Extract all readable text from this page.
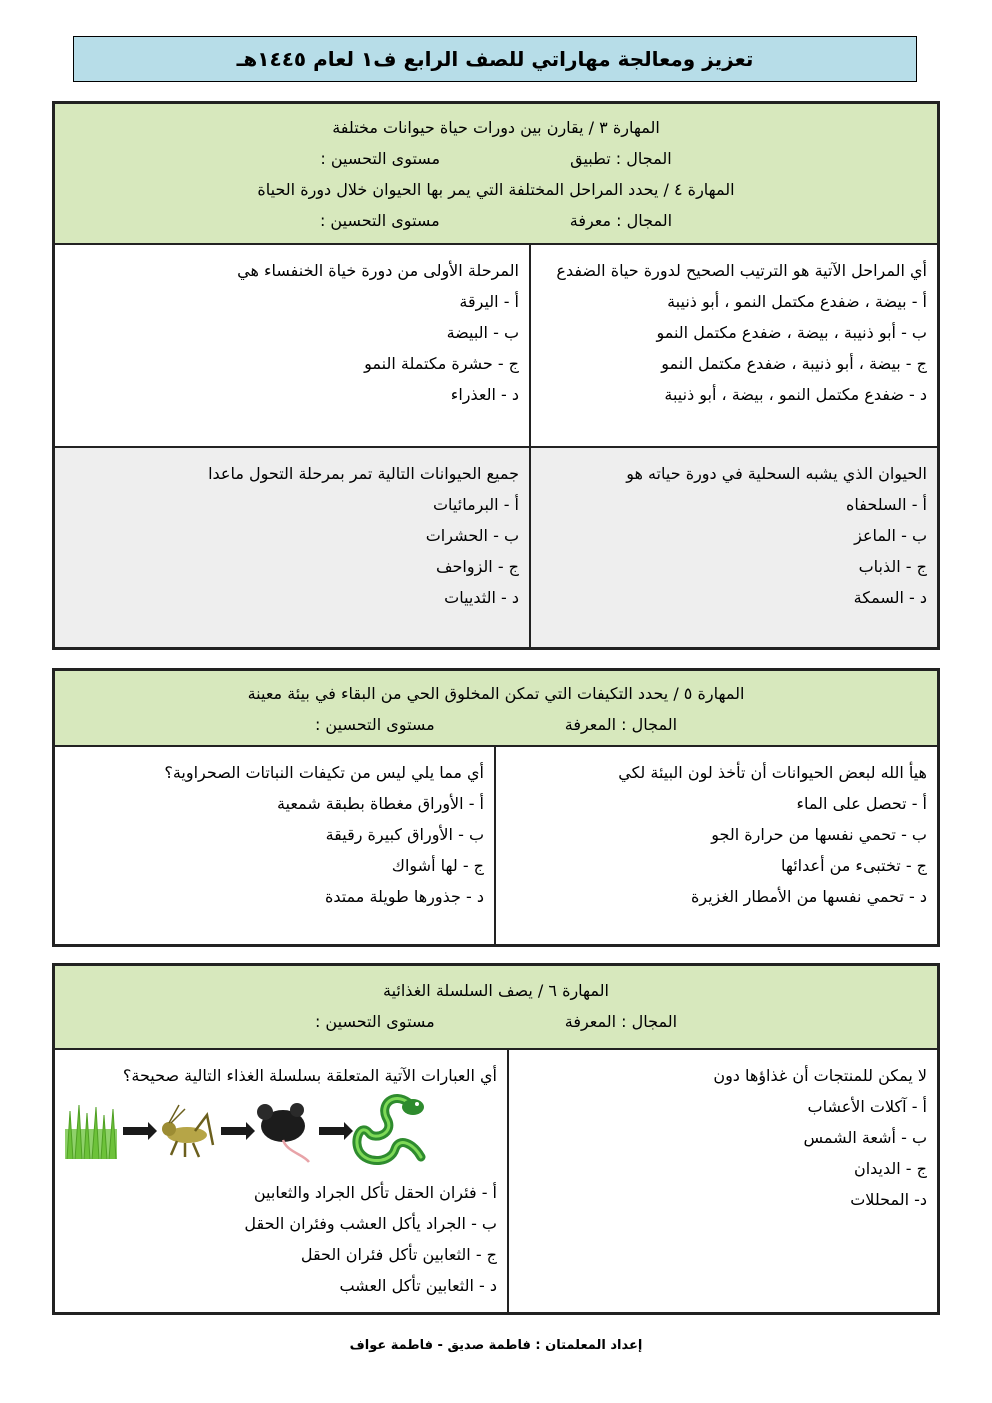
تعزيز ومعالجة مهاراتي للصف الرابع ف١ لعام ١٤٤٥هـ
المهارة ٣ / يقارن بين دورات حياة حيوانات مختلفة
المجال : تطبيق
مستوى التحسين :
المهارة ٤ / يحدد المراحل المختلفة التي يمر بها الحيوان خلال دورة الحياة
المجال : معرفة
مستوى التحسين :
أي المراحل الآتية هو الترتيب الصحيح لدورة حياة الضفدع
أ - بيضة ، ضفدع مكتمل النمو ، أبو ذنيبة
ب - أبو ذنيبة ، بيضة ، ضفدع مكتمل النمو
ج - بيضة ، أبو ذنيبة ، ضفدع مكتمل النمو
د - ضفدع مكتمل النمو ، بيضة ، أبو ذنيبة
المرحلة الأولى من دورة خياة الخنفساء هي
أ - اليرقة
ب - البيضة
ج - حشرة مكتملة النمو
د - العذراء
الحيوان الذي يشبه السحلية في دورة حياته هو
أ - السلحفاه
ب - الماعز
ج - الذباب
د - السمكة
جميع الحيوانات التالية تمر بمرحلة التحول ماعدا
أ - البرمائيات
ب - الحشرات
ج - الزواحف
د - الثدييات
المهارة ٥ / يحدد التكيفات التي تمكن المخلوق الحي من البقاء في بيئة معينة
المجال : المعرفة
مستوى التحسين :
هيأ الله لبعض الحيوانات أن تأخذ لون البيئة لكي
أ - تحصل على الماء
ب - تحمي نفسها من حرارة الجو
ج - تختبىء من أعدائها
د - تحمي نفسها من الأمطار الغزيرة
أي مما يلي ليس من تكيفات النباتات الصحراوية؟
أ - الأوراق مغطاة بطبقة شمعية
ب - الأوراق كبيرة رقيقة
ج - لها أشواك
د - جذورها طويلة ممتدة
المهارة ٦ / يصف السلسلة الغذائية
المجال : المعرفة
مستوى التحسين :
لا يمكن للمنتجات أن غذاؤها دون
أ - آكلات الأعشاب
ب - أشعة الشمس
ج - الديدان
د- المحللات
أي العبارات الآتية المتعلقة بسلسلة الغذاء التالية صحيحة؟
أ - فئران الحقل تأكل الجراد والثعابين
ب - الجراد يأكل العشب وفئران الحقل
ج - الثعابين تأكل فئران الحقل
د - الثعابين تأكل العشب
إعداد المعلمتان : فاطمة صديق - فاطمة عواف
